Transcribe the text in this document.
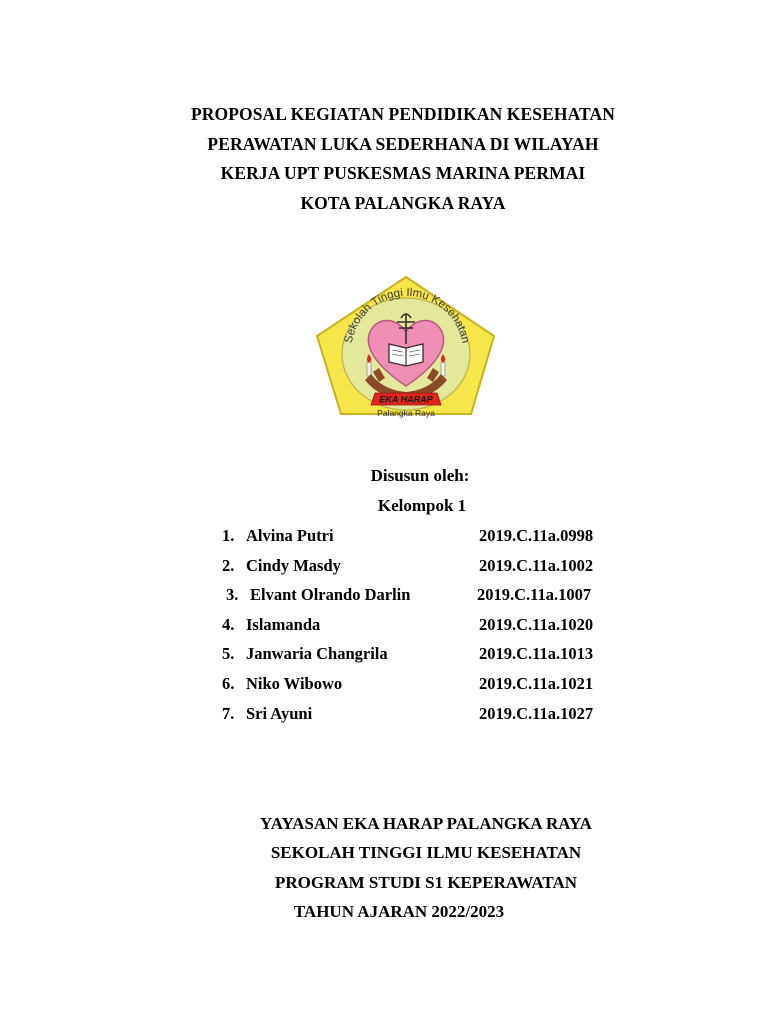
PROPOSAL KEGIATAN PENDIDIKAN KESEHATAN
PERAWATAN LUKA SEDERHANA DI WILAYAH
KERJA UPT PUSKESMAS MARINA PERMAI
KOTA PALANGKA RAYA
Sekolah Tinggi Ilmu Kesehatan
EKA HARAP
Palangka Raya
Disusun oleh:
Kelompok 1
1. Alvina Putri	2019.C.11a.0998
2. Cindy Masdy	2019.C.11a.1002
3. Elvant Olrando Darlin	2019.C.11a.1007
4. Islamanda	2019.C.11a.1020
5. Janwaria Changrila	2019.C.11a.1013
6. Niko Wibowo	2019.C.11a.1021
7. Sri Ayuni	2019.C.11a.1027
YAYASAN EKA HARAP PALANGKA RAYA
SEKOLAH TINGGI ILMU KESEHATAN
PROGRAM STUDI S1 KEPERAWATAN
TAHUN AJARAN 2022/2023
